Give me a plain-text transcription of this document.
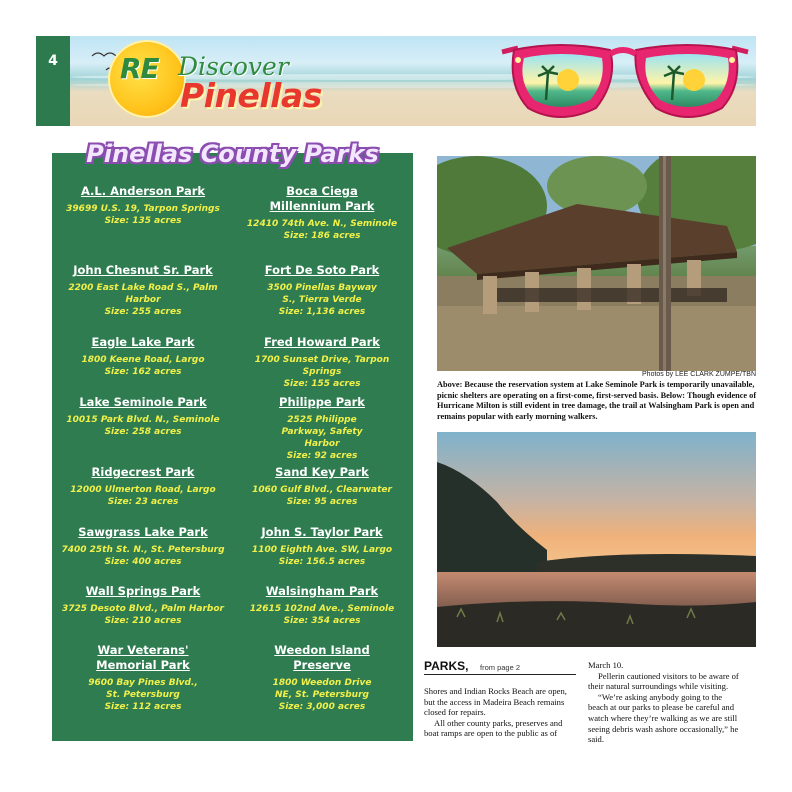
4	RE Discover
Pinellas
Pinellas County Parks
A.L. Anderson Park
39699 U.S. 19, Tarpon Springs
Size: 135 acres
John Chesnut Sr. Park
2200 East Lake Road S., Palm Harbor
Size: 255 acres
Eagle Lake Park
1800 Keene Road, Largo
Size: 162 acres
Lake Seminole Park
10015 Park Blvd. N., Seminole
Size: 258 acres
Ridgecrest Park
12000 Ulmerton Road, Largo
Size: 23 acres
Sawgrass Lake Park
7400 25th St. N., St. Petersburg
Size: 400 acres
Wall Springs Park
3725 Desoto Blvd., Palm Harbor
Size: 210 acres
War Veterans' Memorial Park
9600 Bay Pines Blvd., St. Petersburg
Size: 112 acres
Boca Ciega Millennium Park
12410 74th Ave. N., Seminole
Size: 186 acres
Fort De Soto Park
3500 Pinellas Bayway S., Tierra Verde
Size: 1,136 acres
Fred Howard Park
1700 Sunset Drive, Tarpon Springs
Size: 155 acres
Philippe Park
2525 Philippe Parkway, Safety Harbor
Size: 92 acres
Sand Key Park
1060 Gulf Blvd., Clearwater
Size: 95 acres
John S. Taylor Park
1100 Eighth Ave. SW, Largo
Size: 156.5 acres
Walsingham Park
12615 102nd Ave., Seminole
Size: 354 acres
Weedon Island Preserve
1800 Weedon Drive NE, St. Petersburg
Size: 3,000 acres
Photos by LEE CLARK ZUMPE/TBN
Above: Because the reservation system at Lake Seminole Park is temporarily unavailable, picnic shelters are operating on a first-come, first-served basis. Below: Though evidence of Hurricane Milton is still evident in tree damage, the trail at Walsingham Park is open and remains popular with early morning walkers.
PARKS, from page 2

Shores and Indian Rocks Beach are open, but the access in Madeira Beach remains closed for repairs.

All other county parks, preserves and boat ramps are open to the public as of

March 10.

Pellerin cautioned visitors to be aware of their natural surroundings while visiting.

“We’re asking anybody going to the beach at our parks to please be careful and watch where they’re walking as we are still seeing debris wash ashore occasionally,” he said.
